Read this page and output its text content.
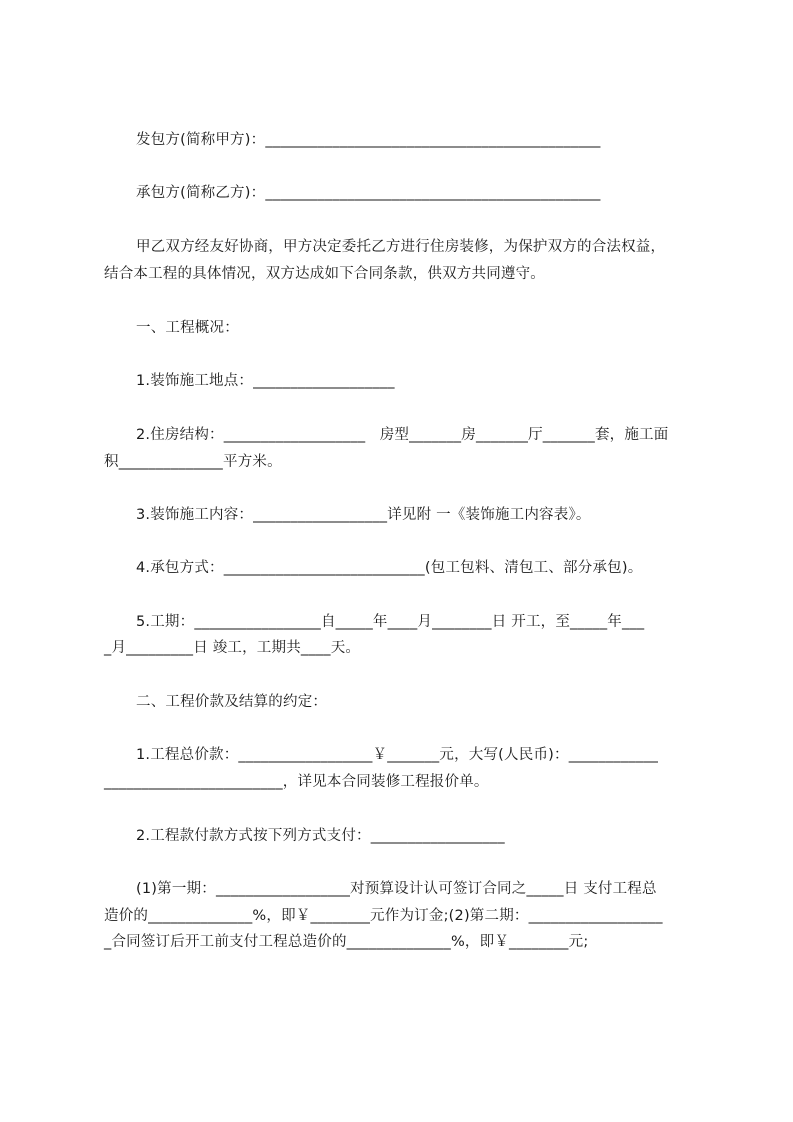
发包方(简称甲方)：_____________________________________________
承包方(简称乙方)：_____________________________________________
甲乙双方经友好协商，甲方决定委托乙方进行住房装修，为保护双方的合法权益，
结合本工程的具体情况，双方达成如下合同条款，供双方共同遵守。
一、工程概况：
1.装饰施工地点：___________________
2.住房结构：___________________   房型_______房_______厅_______套，施工面
积______________平方米。
3.装饰施工内容：__________________详见附 一《装饰施工内容表》。
4.承包方式：___________________________(包工包料、清包工、部分承包)。
5.工期：_________________自_____年____月________日 开工，至_____年___
_月_________日 竣工，工期共____天。
二、工程价款及结算的约定：
1.工程总价款：__________________￥_______元，大写(人民币)：____________
________________________，详见本合同装修工程报价单。
2.工程款付款方式按下列方式支付：__________________
(1)第一期：__________________对预算设计认可签订合同之_____日 支付工程总
造价的______________%，即￥________元作为订金;(2)第二期：__________________
_合同签订后开工前支付工程总造价的______________%，即￥________元;
